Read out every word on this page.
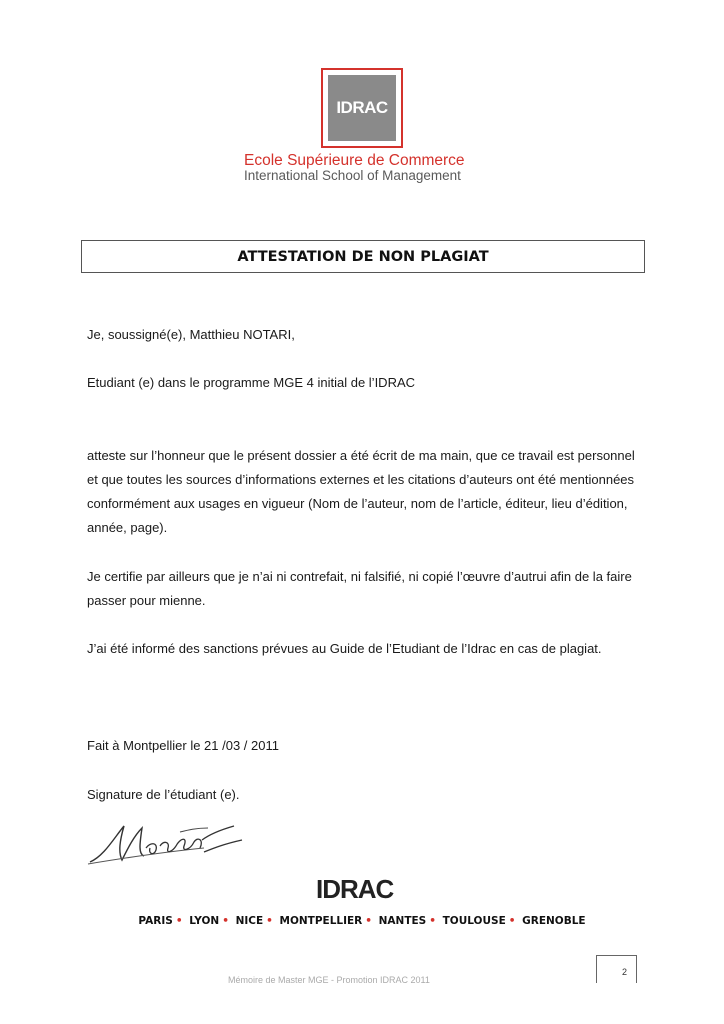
IDRAC
Ecole Supérieure de Commerce
International School of Management
ATTESTATION DE NON PLAGIAT
Je, soussigné(e), Matthieu NOTARI,
Etudiant (e) dans le programme MGE 4 initial de l’IDRAC
atteste sur l’honneur que le présent dossier a été écrit de ma main, que ce travail est personnel et que toutes les sources d’informations externes et les citations d’auteurs ont été mentionnées conformément aux usages en vigueur (Nom de l’auteur, nom de l’article, éditeur, lieu d’édition, année, page).
Je certifie par ailleurs que je n’ai ni contrefait, ni falsifié, ni copié l’œuvre d’autrui afin de la faire passer pour mienne.
J’ai été informé des sanctions prévues au Guide de l’Etudiant de l’Idrac en cas de plagiat.
Fait à Montpellier le 21 /03 / 2011
Signature de l’étudiant (e).
IDRAC
PARIS • LYON • NICE • MONTPELLIER • NANTES • TOULOUSE • GRENOBLE
2
Mémoire de Master MGE - Promotion IDRAC 2011
